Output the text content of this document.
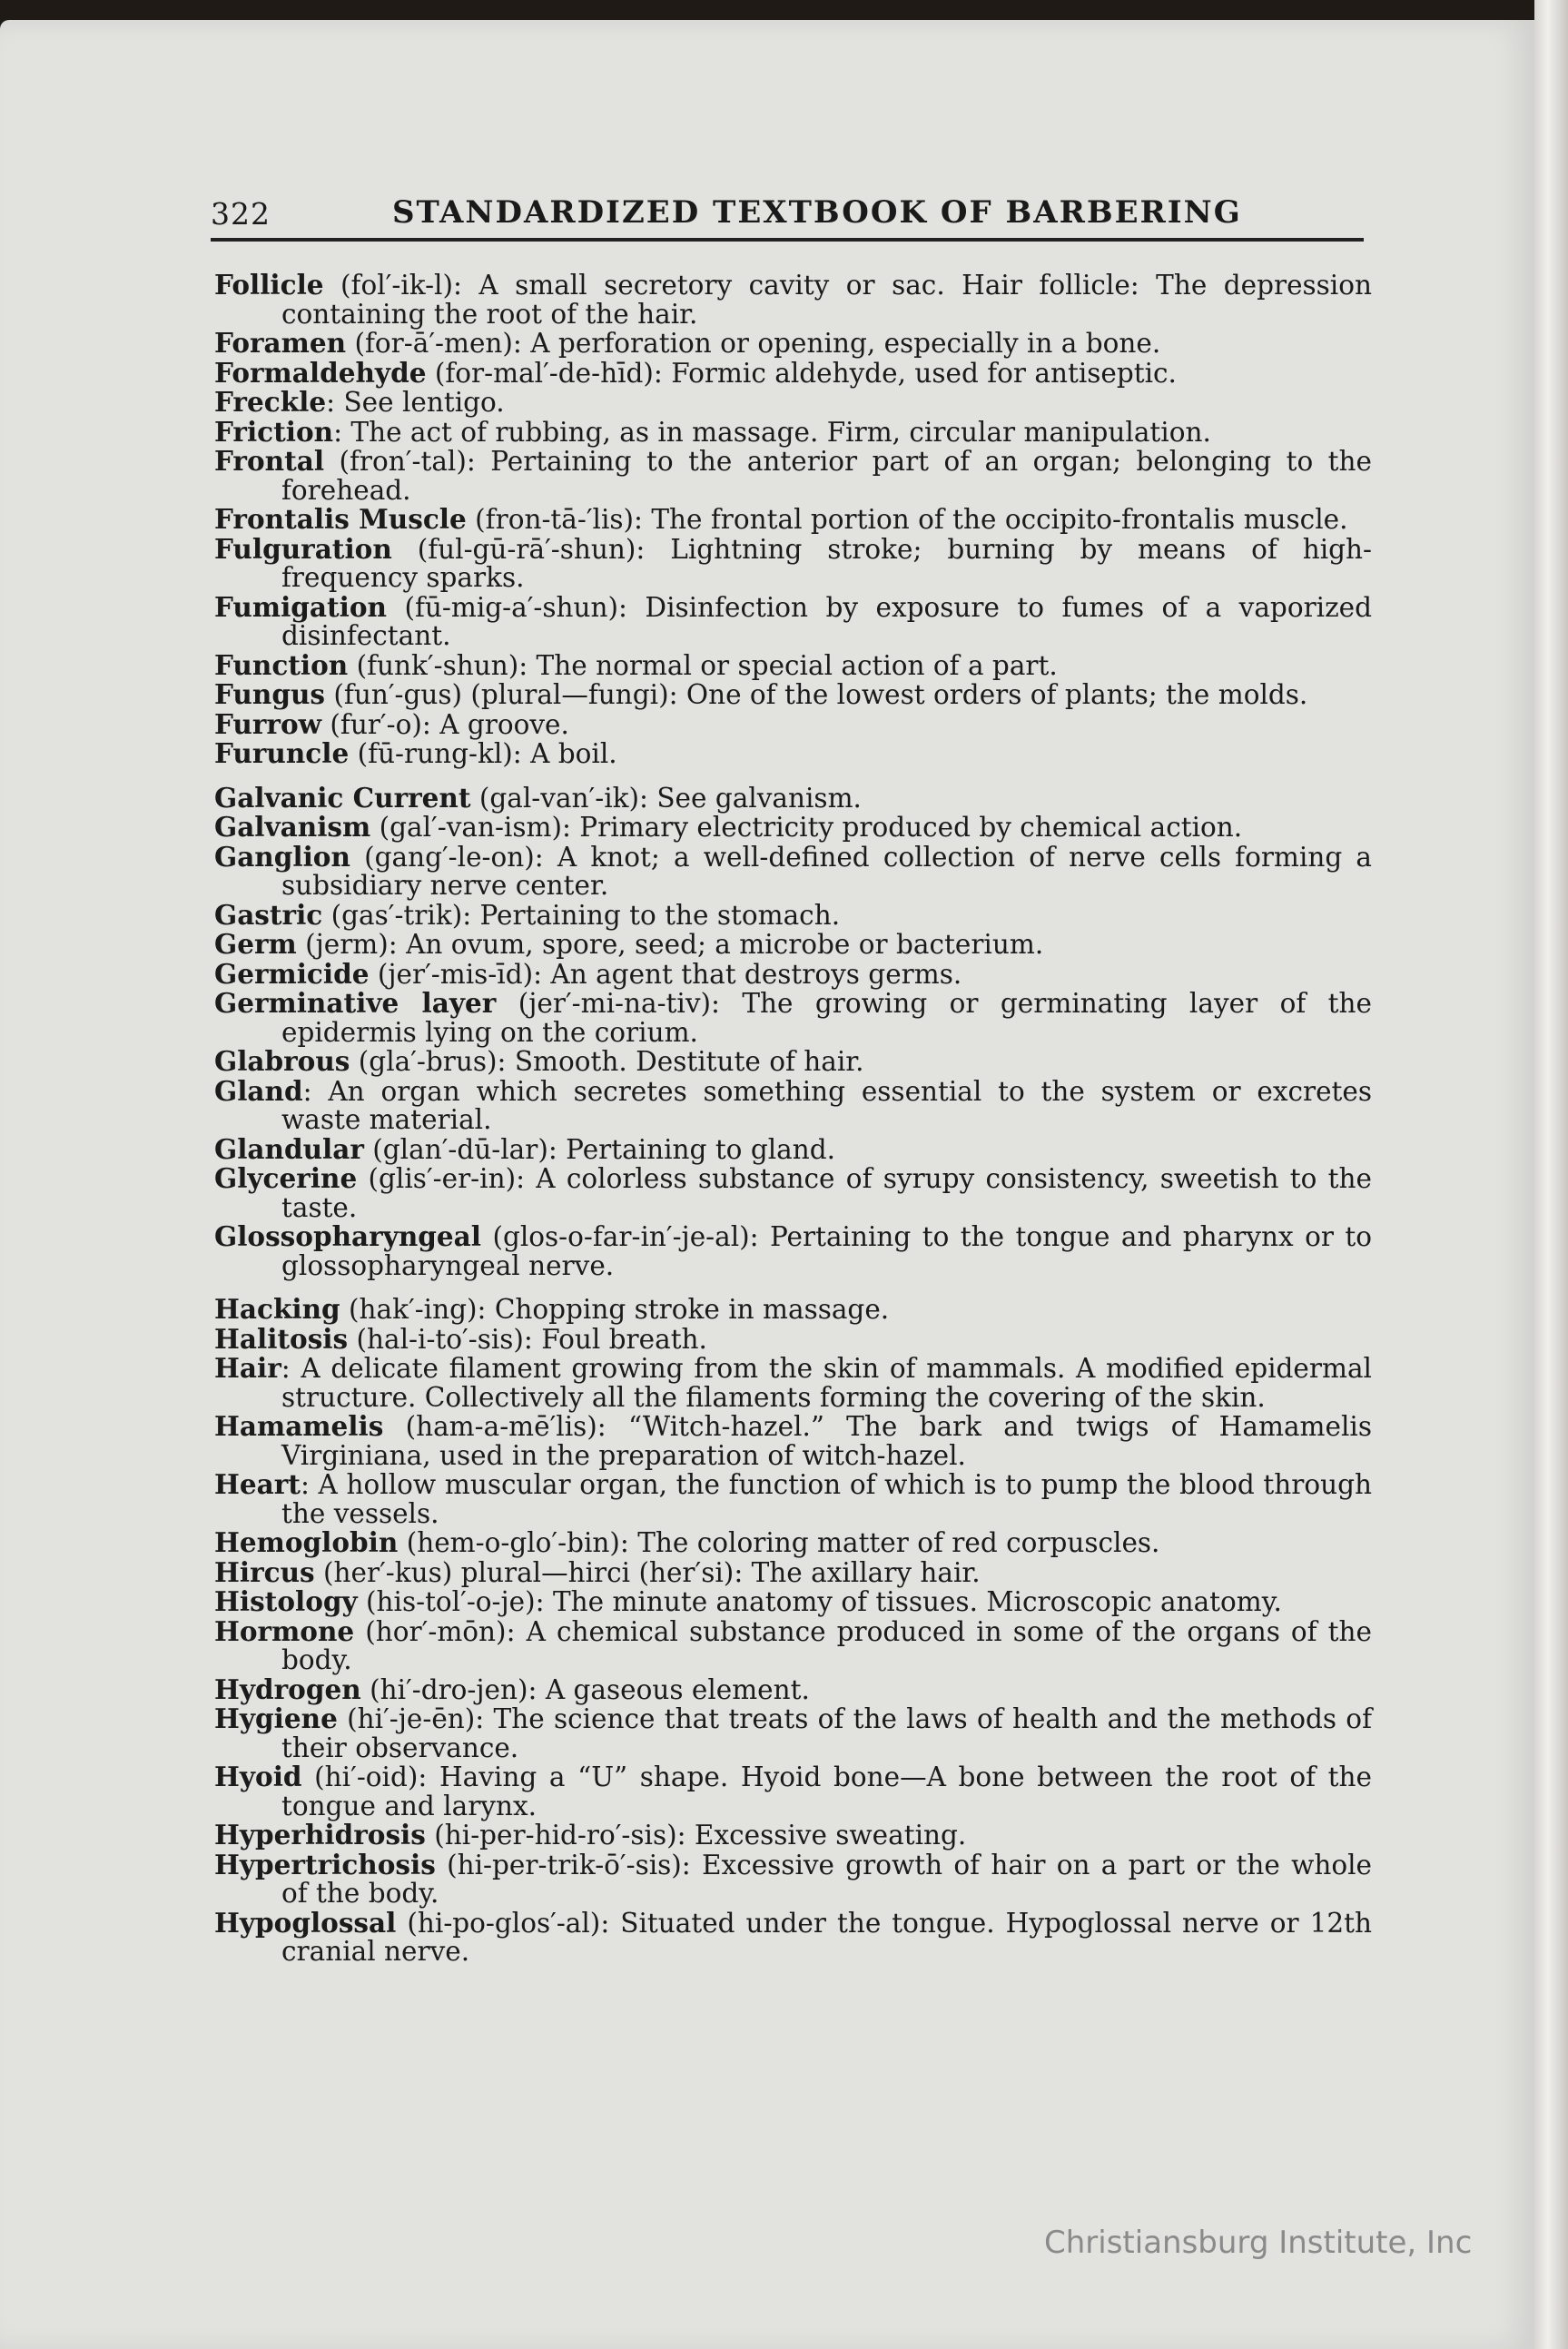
322	STANDARDIZED TEXTBOOK OF BARBERING

Follicle (fol′-ik-l): A small secretory cavity or sac. Hair follicle: The depression containing the root of the hair.

Foramen (for-ā′-men): A perforation or opening, especially in a bone.

Formaldehyde (for-mal′-de-hīd): Formic aldehyde, used for antiseptic.

Freckle: See lentigo.

Friction: The act of rubbing, as in massage. Firm, circular manipulation.

Frontal (fron′-tal): Pertaining to the anterior part of an organ; belonging to the forehead.

Frontalis Muscle (fron-tā-′lis): The frontal portion of the occipito-frontalis muscle.

Fulguration (ful-gū-rā′-shun): Lightning stroke; burning by means of high-frequency sparks.

Fumigation (fū-mig-a′-shun): Disinfection by exposure to fumes of a vaporized disinfectant.

Function (funk′-shun): The normal or special action of a part.

Fungus (fun′-gus) (plural—fungi): One of the lowest orders of plants; the molds.

Furrow (fur′-o): A groove.

Furuncle (fū-rung-kl): A boil.

Galvanic Current (gal-van′-ik): See galvanism.

Galvanism (gal′-van-ism): Primary electricity produced by chemical action.

Ganglion (gang′-le-on): A knot; a well-defined collection of nerve cells forming a subsidiary nerve center.

Gastric (gas′-trik): Pertaining to the stomach.

Germ (jerm): An ovum, spore, seed; a microbe or bacterium.

Germicide (jer′-mis-īd): An agent that destroys germs.

Germinative layer (jer′-mi-na-tiv): The growing or germinating layer of the epidermis lying on the corium.

Glabrous (gla′-brus): Smooth. Destitute of hair.

Gland: An organ which secretes something essential to the system or excretes waste material.

Glandular (glan′-dū-lar): Pertaining to gland.

Glycerine (glis′-er-in): A colorless substance of syrupy consistency, sweetish to the taste.

Glossopharyngeal (glos-o-far-in′-je-al): Pertaining to the tongue and pharynx or to glossopharyngeal nerve.

Hacking (hak′-ing): Chopping stroke in massage.

Halitosis (hal-i-to′-sis): Foul breath.

Hair: A delicate filament growing from the skin of mammals. A modified epidermal structure. Collectively all the filaments forming the covering of the skin.

Hamamelis (ham-a-mē′lis): “Witch-hazel.” The bark and twigs of Hamamelis Virginiana, used in the preparation of witch-hazel.

Heart: A hollow muscular organ, the function of which is to pump the blood through the vessels.

Hemoglobin (hem-o-glo′-bin): The coloring matter of red corpuscles.

Hircus (her′-kus) plural—hirci (her′si): The axillary hair.

Histology (his-tol′-o-je): The minute anatomy of tissues. Microscopic anatomy.

Hormone (hor′-mōn): A chemical substance produced in some of the organs of the body.

Hydrogen (hi′-dro-jen): A gaseous element.

Hygiene (hi′-je-ēn): The science that treats of the laws of health and the methods of their observance.

Hyoid (hi′-oid): Having a “U” shape. Hyoid bone—A bone between the root of the tongue and larynx.

Hyperhidrosis (hi-per-hid-ro′-sis): Excessive sweating.

Hypertrichosis (hi-per-trik-ō′-sis): Excessive growth of hair on a part or the whole of the body.

Hypoglossal (hi-po-glos′-al): Situated under the tongue. Hypoglossal nerve or 12th cranial nerve.

Christiansburg Institute, Inc
